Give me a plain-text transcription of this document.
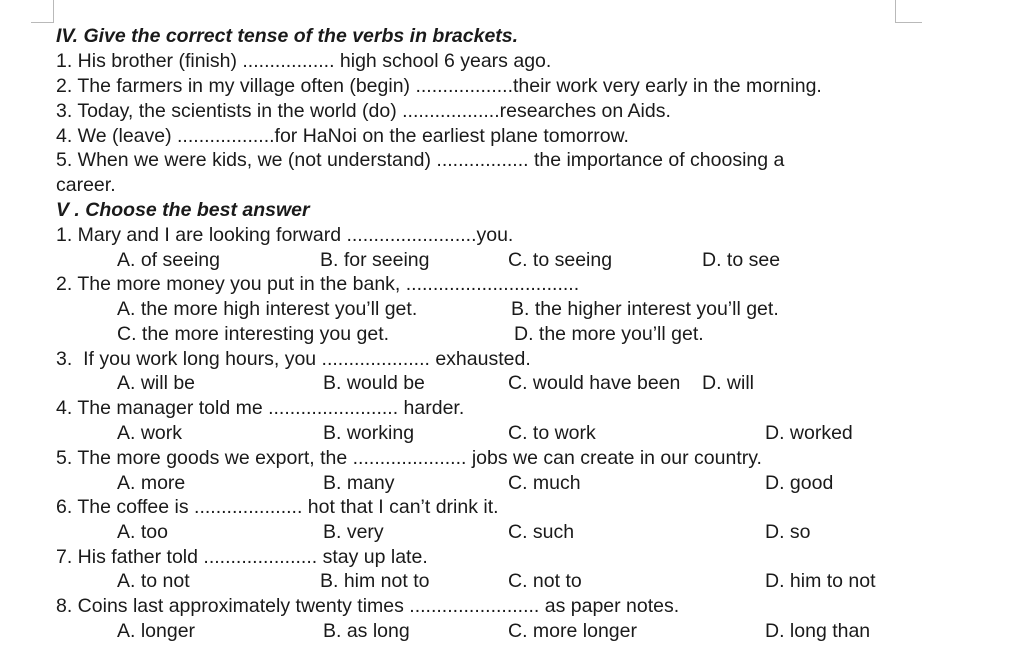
IV. Give the correct tense of the verbs in brackets.
1. His brother (finish) ................. high school 6 years ago.
2. The farmers in my village often (begin) ..................their work very early in the morning.
3. Today, the scientists in the world (do) ..................researches on Aids.
4. We (leave) ..................for HaNoi on the earliest plane tomorrow.
5. When we were kids, we (not understand) ................. the importance of choosing a
career.
V . Choose the best answer
1. Mary and I are looking forward ........................you.
A. of seeing	B. for seeing	C. to seeing	D. to see
2. The more money you put in the bank, ................................
A. the more high interest you’ll get.	B. the higher interest you’ll get.
C. the more interesting you get.	D. the more you’ll get.
3.  If you work long hours, you .................... exhausted.
A. will be	B. would be	C. would have been D. will
4. The manager told me ........................ harder.
A. work	B. working	C. to work	D. worked
5. The more goods we export, the ..................... jobs we can create in our country.
A. more	B. many	C. much	D. good
6. The coffee is .................... hot that I can’t drink it.
A. too	B. very	C. such	D. so
7. His father told ..................... stay up late.
A. to not	B. him not to	C. not to	D. him to not
8. Coins last approximately twenty times ........................ as paper notes.
A. longer	B. as long	C. more longer	D. long than
